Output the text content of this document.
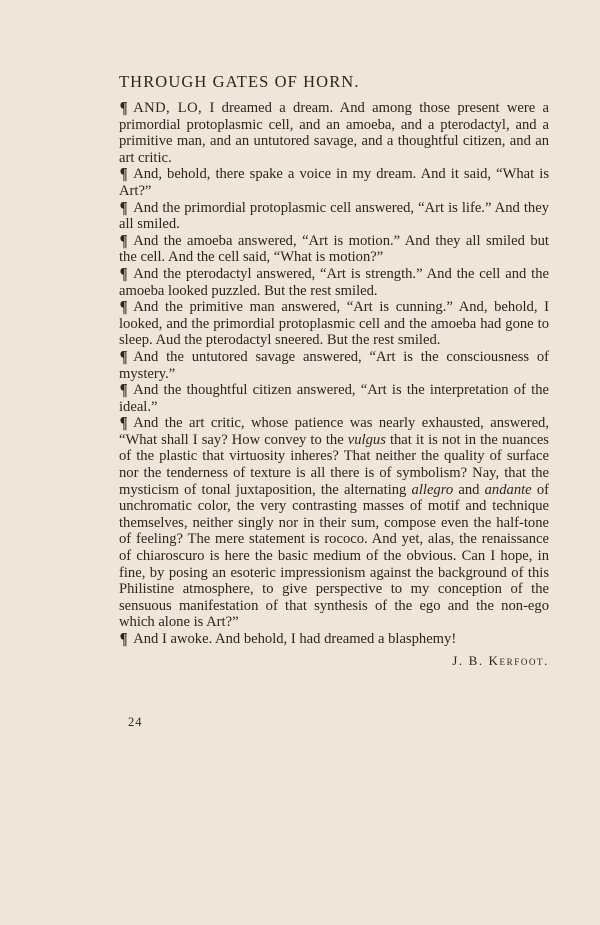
THROUGH GATES OF HORN.

¶ AND, LO, I dreamed a dream. And among those present were a primordial protoplasmic cell, and an amoeba, and a pterodactyl, and a primitive man, and an untutored savage, and a thoughtful citizen, and an art critic.

¶ And, behold, there spake a voice in my dream. And it said, “What is Art?”

¶ And the primordial protoplasmic cell answered, “Art is life.” And they all smiled.

¶ And the amoeba answered, “Art is motion.” And they all smiled but the cell. And the cell said, “What is motion?”

¶ And the pterodactyl answered, “Art is strength.” And the cell and the amoeba looked puzzled. But the rest smiled.

¶ And the primitive man answered, “Art is cunning.” And, behold, I looked, and the primordial protoplasmic cell and the amoeba had gone to sleep. Aud the pterodactyl sneered. But the rest smiled.

¶ And the untutored savage answered, “Art is the consciousness of mystery.”

¶ And the thoughtful citizen answered, “Art is the interpretation of the ideal.”

¶ And the art critic, whose patience was nearly exhausted, answered, “What shall I say? How convey to the vulgus that it is not in the nuances of the plastic that virtuosity inheres? That neither the quality of surface nor the tenderness of texture is all there is of symbolism? Nay, that the mysticism of tonal juxtaposition, the alternating allegro and andante of unchromatic color, the very contrasting masses of motif and technique themselves, neither singly nor in their sum, compose even the half-tone of feeling? The mere statement is rococo. And yet, alas, the renaissance of chiaroscuro is here the basic medium of the obvious. Can I hope, in fine, by posing an esoteric impressionism against the background of this Philistine atmosphere, to give perspective to my conception of the sensuous manifestation of that synthesis of the ego and the non-ego which alone is Art?”

¶ And I awoke. And behold, I had dreamed a blasphemy!

J. B. Kerfoot.
24
